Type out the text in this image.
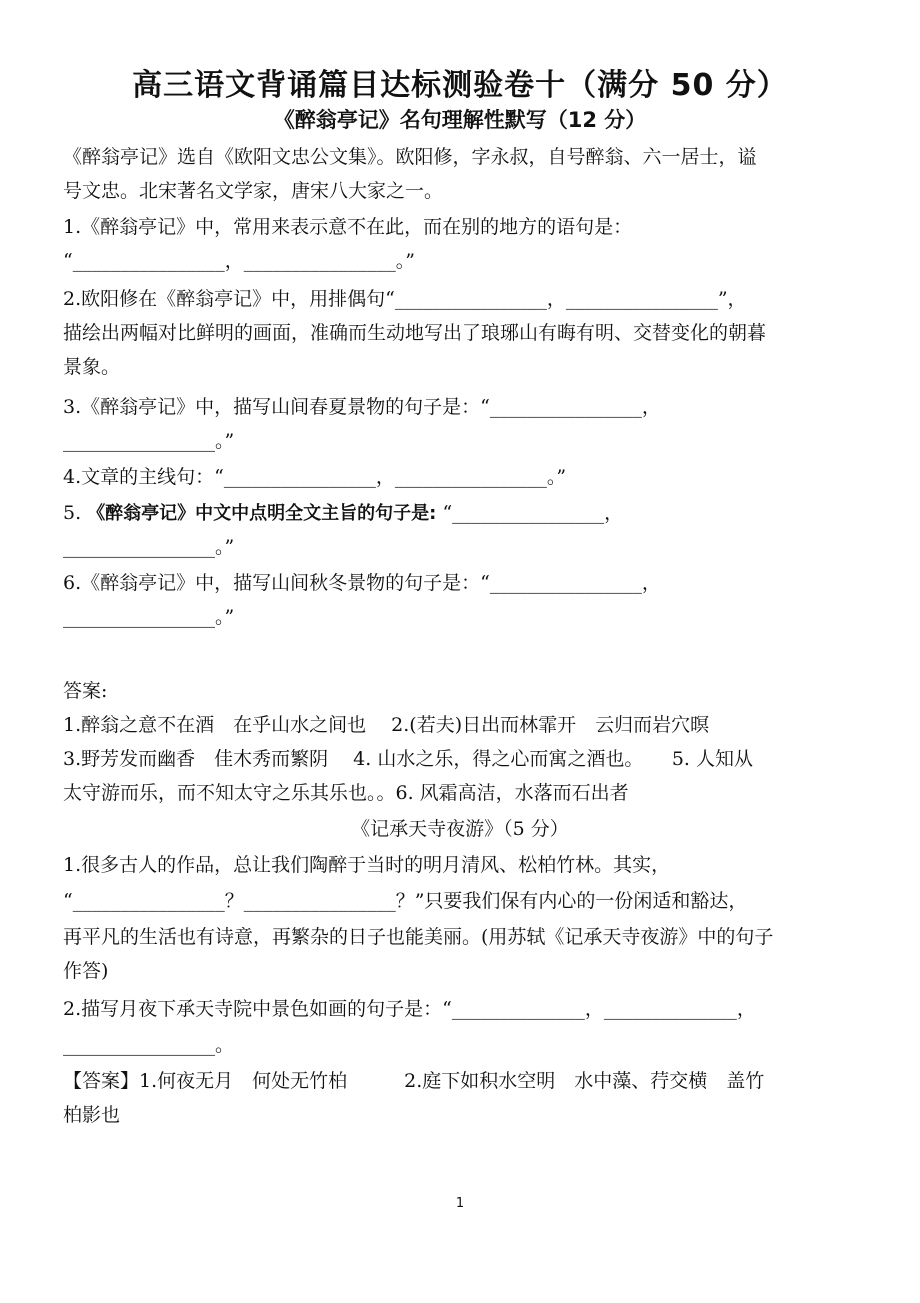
高三语文背诵篇目达标测验卷十（满分 50 分）
《醉翁亭记》名句理解性默写（12 分）
《醉翁亭记》选自《欧阳文忠公文集》。欧阳修，字永叔，自号醉翁、六一居士，谥
号文忠。北宋著名文学家，唐宋八大家之一。
1.《醉翁亭记》中，常用来表示意不在此，而在别的地方的语句是：
“________________，________________。”
2.欧阳修在《醉翁亭记》中，用排偶句“________________，________________”，
描绘出两幅对比鲜明的画面，准确而生动地写出了琅琊山有晦有明、交替变化的朝暮
景象。
3.《醉翁亭记》中，描写山间春夏景物的句子是：“________________，
________________。”
4.文章的主线句：“________________，________________。”
5. 《醉翁亭记》中文中点明全文主旨的句子是: “________________，
________________。”
6.《醉翁亭记》中，描写山间秋冬景物的句子是：“________________，
________________。”
答案:
1.醉翁之意不在酒　在乎山水之间也　 2.(若夫)日出而林霏开　云归而岩穴暝
3.野芳发而幽香　佳木秀而繁阴　 4. 山水之乐，得之心而寓之酒也。　　5. 人知从
太守游而乐，而不知太守之乐其乐也。。6. 风霜高洁，水落而石出者
《记承天寺夜游》（5 分）
1.很多古人的作品，总让我们陶醉于当时的明月清风、松柏竹林。其实，
“________________？________________？”只要我们保有内心的一份闲适和豁达，
再平凡的生活也有诗意，再繁杂的日子也能美丽。(用苏轼《记承天寺夜游》中的句子
作答)
2.描写月夜下承天寺院中景色如画的句子是：“______________，______________，
________________。
【答案】1.何夜无月　何处无竹柏　　　2.庭下如积水空明　水中藻、荇交横　盖竹
柏影也
1
